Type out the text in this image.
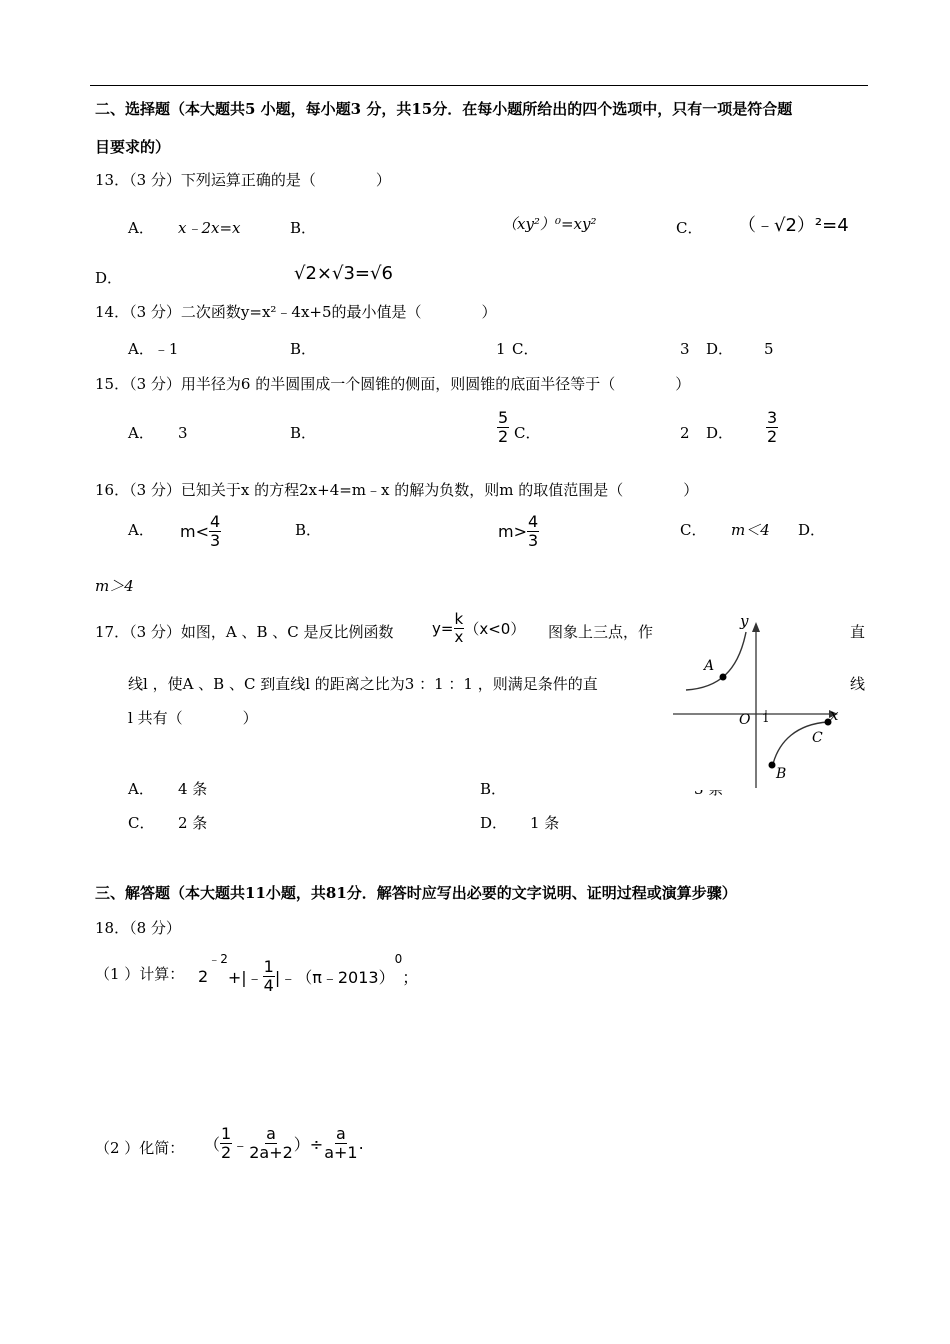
二、选择题（本大题共5 小题，每小题3 分，共15分．在每小题所给出的四个选项中，只有一项是符合题
目要求的）
13．（3 分）下列运算正确的是（　　　　）
A． x﹣2x=x	B．	（xy²）⁰=xy²	C． （﹣√2）²=4
D．	√2×√3=√6
14．（3 分）二次函数y=x²﹣4x+5的最小值是（　　　　）
A．﹣1	B．	1 C．	3 D． 5
15．（3 分）用半径为6 的半圆围成一个圆锥的侧面，则圆锥的底面半径等于（　　　　）
A． 3	B．	$\frac{5}{2}$ C．	2 D． $\frac{3}{2}$
16．（3 分）已知关于x 的方程2x+4=m﹣x 的解为负数，则m 的取值范围是（　　　　）
A． $m< \frac{4}{3}$	B．	$m> \frac{4}{3}$	C． m＜4 D．
m＞4
17．（3 分）如图，A 、B 、C 是反比例函数	$y= \frac{k}{x} (x<0)$ 图象上三点，作	直
线l ，使A 、B 、C 到直线l 的距离之比为3 ：1 ：1 ，则满足条件的直	线
l 共有（　　　　）
A． 4 条	B．
C． 2 条	D． 1 条
y
x
O 1
A
B
C
三、解答题（本大题共11小题，共81分．解答时应写出必要的文字说明、证明过程或演算步骤）
18．（8 分）
（1 ）计算： $2^{﹣2}+|﹣ \frac{1}{4}$ |﹣（π﹣2013）$^0$；
（2 ）化简： （ $\frac{1}{2}$ ﹣ $\frac{a}{2a+2}$ ）÷ $\frac{a}{a+1}$ .
